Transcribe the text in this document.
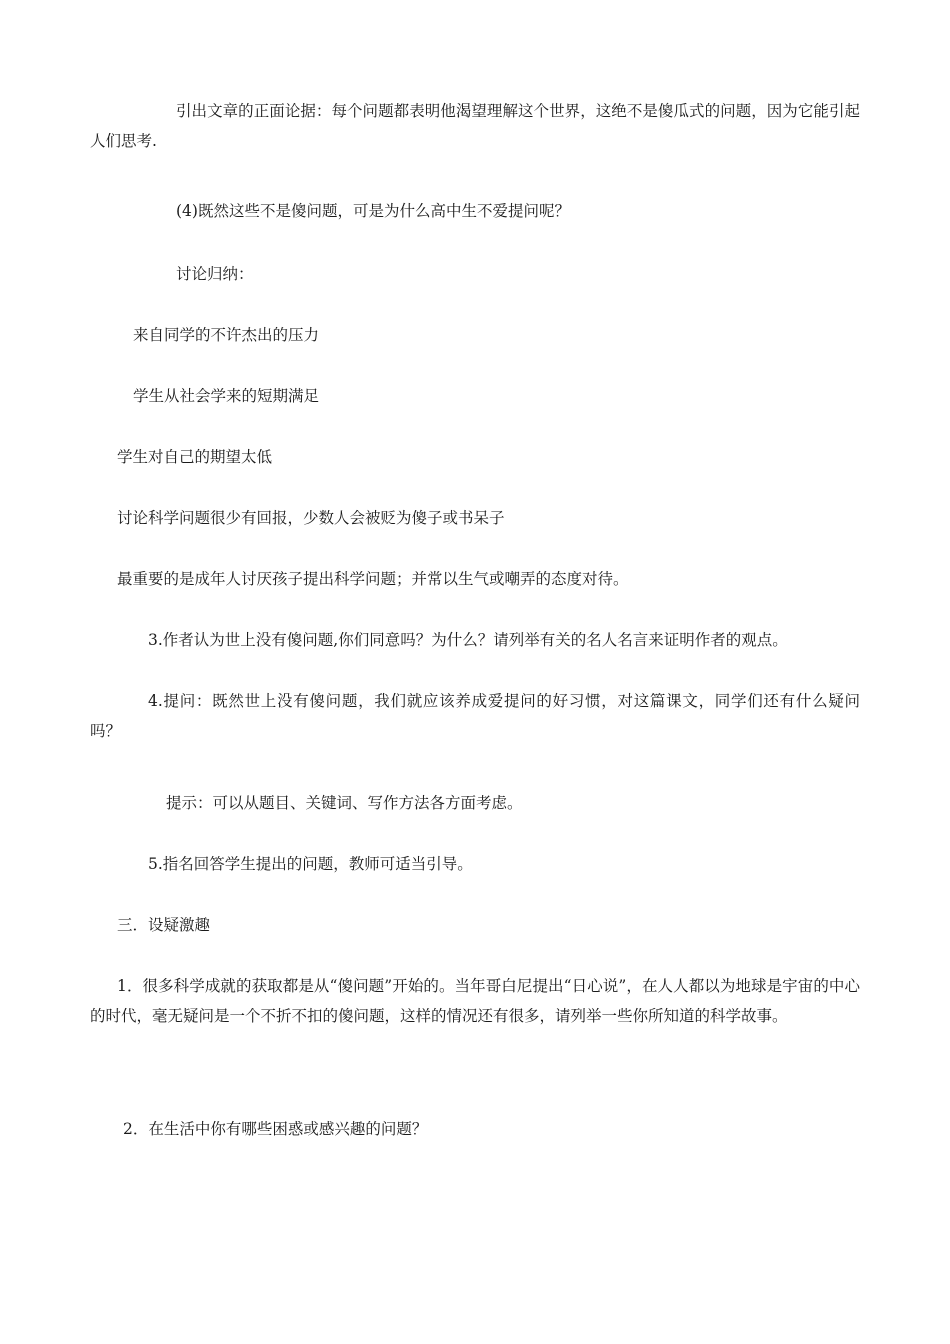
引出文章的正面论据：每个问题都表明他渴望理解这个世界，这绝不是傻瓜式的问题，因为它能引起人们思考.

(4)既然这些不是傻问题，可是为什么高中生不爱提问呢？

讨论归纳：

来自同学的不许杰出的压力

学生从社会学来的短期满足

学生对自己的期望太低

讨论科学问题很少有回报，少数人会被贬为傻子或书呆子

最重要的是成年人讨厌孩子提出科学问题；并常以生气或嘲弄的态度对待。

3.作者认为世上没有傻问题,你们同意吗？为什么？请列举有关的名人名言来证明作者的观点。

4.提问：既然世上没有傻问题，我们就应该养成爱提问的好习惯，对这篇课文，同学们还有什么疑问吗？

提示：可以从题目、关键词、写作方法各方面考虑。

5.指名回答学生提出的问题，教师可适当引导。

三．设疑激趣

1．很多科学成就的获取都是从“傻问题”开始的。当年哥白尼提出“日心说”，在人人都以为地球是宇宙的中心的时代，毫无疑问是一个不折不扣的傻问题，这样的情况还有很多，请列举一些你所知道的科学故事。

2．在生活中你有哪些困惑或感兴趣的问题？
